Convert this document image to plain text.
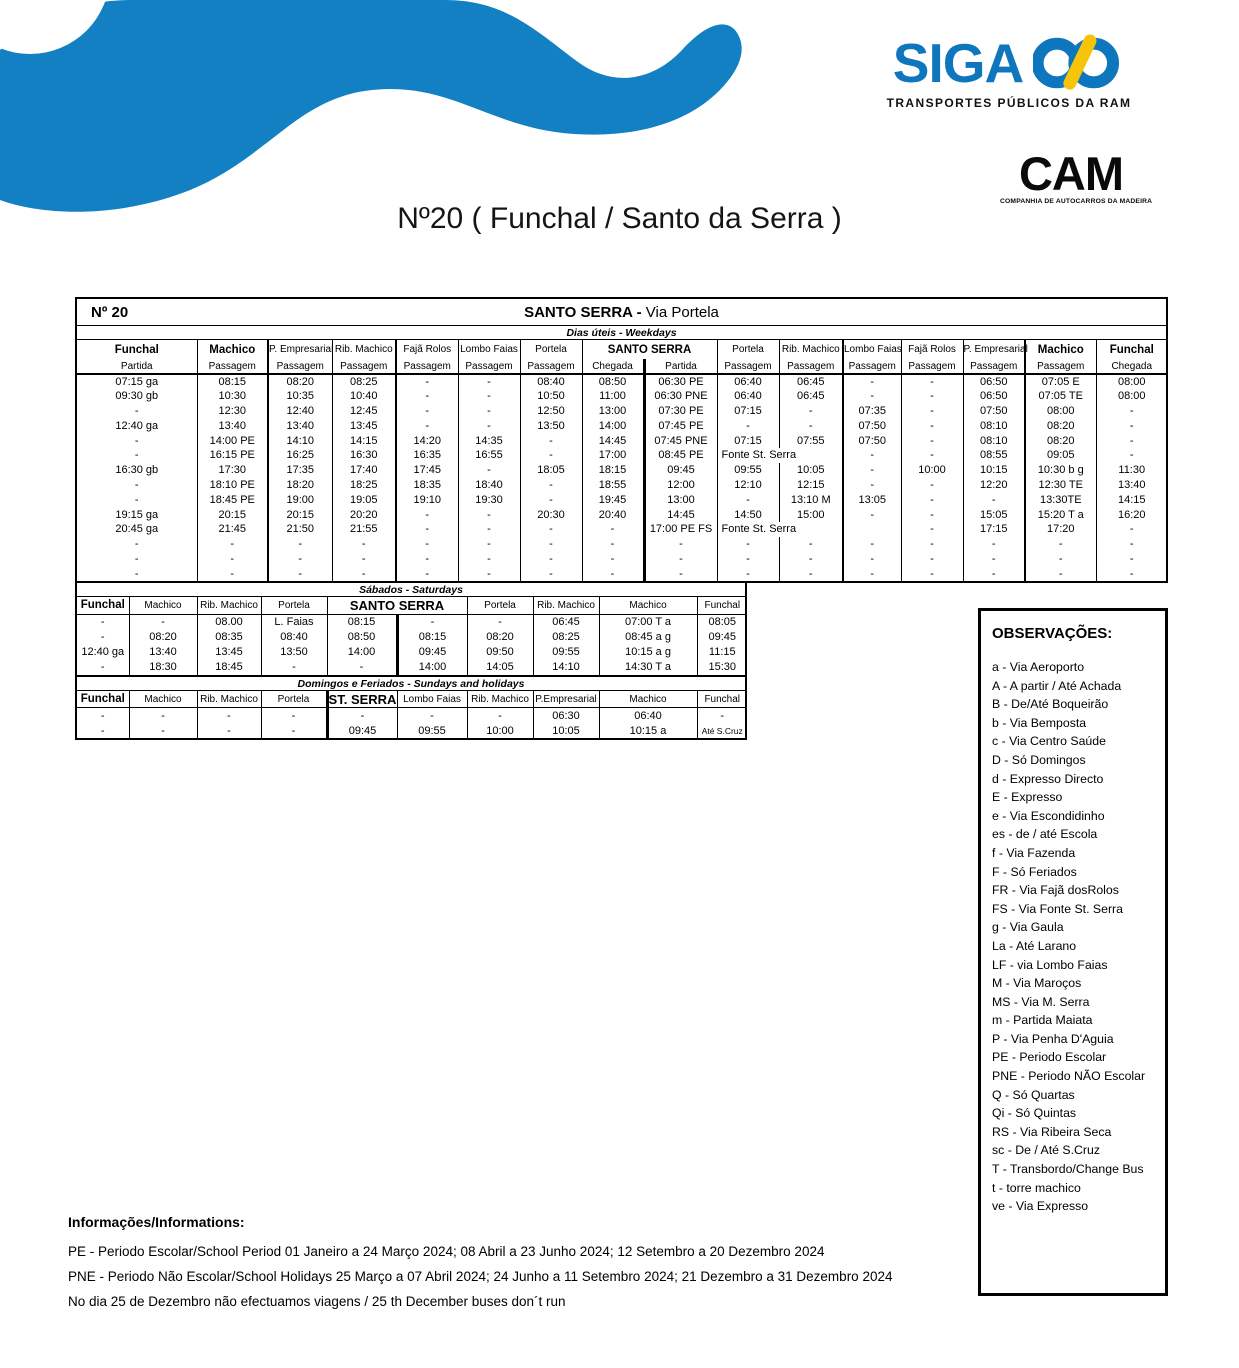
SIGA
TRANSPORTES PÚBLICOS DA RAM
CAM
COMPANHIA DE AUTOCARROS DA MADEIRA
Nº20 ( Funchal / Santo da Serra )
Nº 20	SANTO SERRA - Via Portela
Dias úteis - Weekdays
Funchal	Machico	P. Empresarial	Rib. Machico	Fajã Rolos	Lombo Faias	Portela	SANTO SERRA		Portela	Rib. Machico	Lombo Faias	Fajã Rolos	P. Empresarial	Machico	Funchal
Partida	Passagem	Passagem	Passagem	Passagem	Passagem	Passagem	Chegada	Partida	Passagem	Passagem	Passagem	Passagem	Passagem	Passagem	Chegada
07:15 ga	08:15	08:20	08:25	-	-	08:40	08:50	06:30 PE	06:40	06:45	-	-	06:50	07:05 E	08:00
09:30 gb	10:30	10:35	10:40	-	-	10:50	11:00	06:30 PNE	06:40	06:45	-	-	06:50	07:05 TE	08:00
-	12:30	12:40	12:45	-	-	12:50	13:00	07:30 PE	07:15	-	07:35	-	07:50	08:00	-
12:40 ga	13:40	13:40	13:45	-	-	13:50	14:00	07:45 PE	-	-	07:50	-	08:10	08:20	-
-	14:00 PE	14:10	14:15	14:20	14:35	-	14:45	07:45 PNE	07:15	07:55	07:50	-	08:10	08:20	-
-	16:15 PE	16:25	16:30	16:35	16:55	-	17:00	08:45 PE	Fonte St. Serra		-	-	08:55	09:05	-
16:30 gb	17:30	17:35	17:40	17:45	-	18:05	18:15	09:45	09:55	10:05	-	10:00	10:15	10:30 b g	11:30
-	18:10 PE	18:20	18:25	18:35	18:40	-	18:55	12:00	12:10	12:15	-	-	12:20	12:30 TE	13:40
-	18:45 PE	19:00	19:05	19:10	19:30	-	19:45	13:00	-	13:10 M	13:05	-	-	13:30TE	14:15
19:15 ga	20:15	20:15	20:20	-	-	20:30	20:40	14:45	14:50	15:00	-	-	15:05	15:20 T a	16:20
20:45 ga	21:45	21:50	21:55	-	-	-	-	17:00 PE FS	Fonte St. Serra			-	17:15	17:20	-
-	-	-	-	-	-	-	-	-	-	-	-	-	-	-	-
-	-	-	-	-	-	-	-	-	-	-	-	-	-	-	-
-	-	-	-	-	-	-	-	-	-	-	-	-	-	-	-
Sábados - Saturdays
Funchal	Machico	Rib. Machico	Portela	SANTO SERRA		Portela	Rib. Machico	Machico	Funchal
-	-	08.00	L. Faias	08:15	-	-	06:45	07:00 T a	08:05
-	08:20	08:35	08:40	08:50	08:15	08:20	08:25	08:45 a g	09:45
12:40 ga	13:40	13:45	13:50	14:00	09:45	09:50	09:55	10:15 a g	11:15
-	18:30	18:45	-	-	14:00	14:05	14:10	14:30 T a	15:30
Domingos e Feriados - Sundays and holidays
Funchal	Machico	Rib. Machico	Portela	ST. SERRA	Lombo Faias	Rib. Machico	P.Empresarial	Machico	Funchal
-	-	-	-	-	-	-	06:30	06:40	-
-	-	-	-	09:45	09:55	10:00	10:05	10:15 a	Até S.Cruz
OBSERVAÇÕES:
a - Via Aeroporto
A - A partir / Até Achada
B - De/Até Boqueirão
b - Via Bemposta
c - Via Centro Saúde
D - Só Domingos
d - Expresso Directo
E - Expresso
e - Via Escondidinho
es - de / até Escola
f - Via Fazenda
F - Só Feriados
FR - Via Fajã dosRolos
FS - Via Fonte St. Serra
g - Via Gaula
La - Até Larano
LF - via Lombo Faias
M - Via Maroços
MS - Via M. Serra
m - Partida Maiata
P - Via Penha D'Aguia
PE - Periodo Escolar
PNE - Periodo NÃO Escolar
Q - Só Quartas
Qi - Só Quintas
RS - Via Ribeira Seca
sc - De / Até S.Cruz
T - Transbordo/Change Bus
t - torre machico
ve - Via Expresso
Informações/Informations:
PE - Periodo Escolar/School Period 01 Janeiro a 24 Março 2024; 08 Abril a 23 Junho 2024; 12 Setembro a 20 Dezembro 2024
PNE - Periodo Não Escolar/School Holidays 25 Março a 07 Abril 2024; 24 Junho a 11 Setembro 2024; 21 Dezembro a 31 Dezembro 2024
No dia 25 de Dezembro não efectuamos viagens / 25 th December buses don´t run
